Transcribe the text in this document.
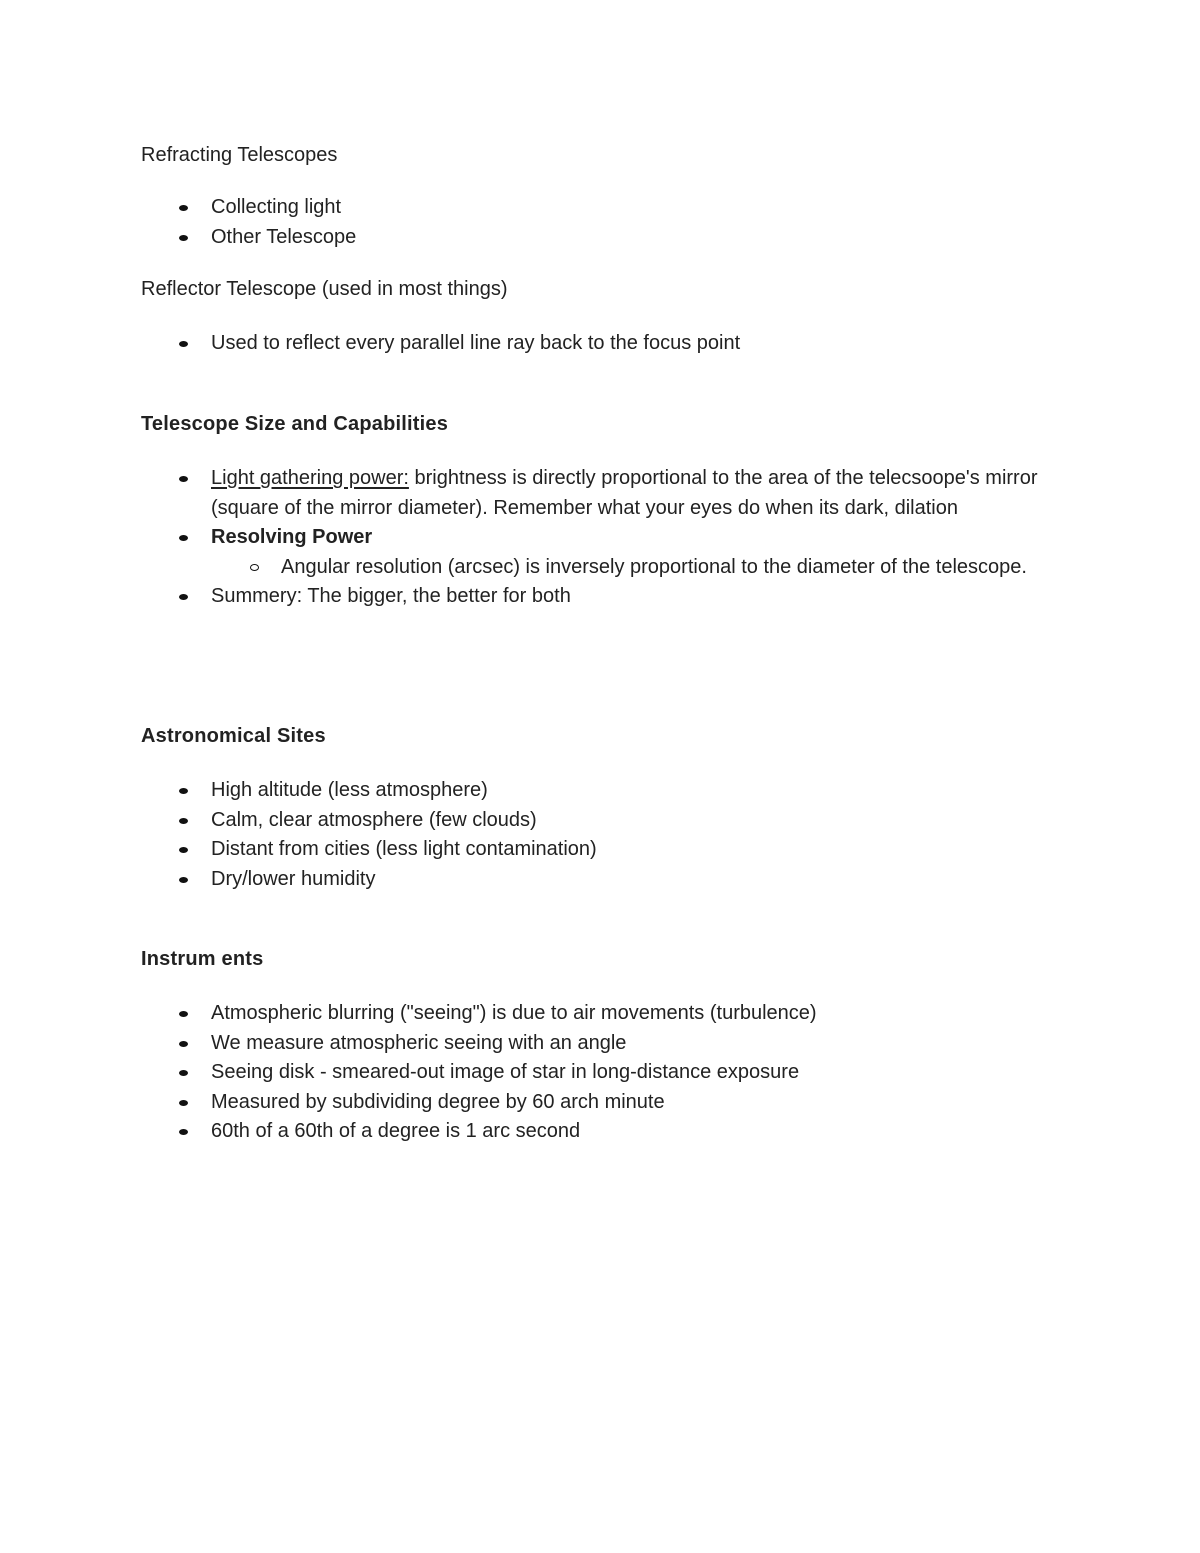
Refracting Telescopes

Collecting light
Other Telescope

Reflector Telescope (used in most things)

Used to reflect every parallel line ray back to the focus point

Telescope Size and Capabilities

Light gathering power: brightness is directly proportional to the area of the telecsoope's mirror (square of the mirror diameter). Remember what your eyes do when its dark, dilation
Resolving Power
Angular resolution (arcsec) is inversely proportional to the diameter of the telescope.
Summery: The bigger, the better for both

Astronomical Sites

High altitude (less atmosphere)
Calm, clear atmosphere (few clouds)
Distant from cities (less light contamination)
Dry/lower humidity

Instrum ents

Atmospheric blurring ("seeing") is due to air movements (turbulence)
We measure atmospheric seeing with an angle
Seeing disk - smeared-out image of star in long-distance exposure
Measured by subdividing degree by 60 arch minute
60th of a 60th of a degree is 1 arc second
